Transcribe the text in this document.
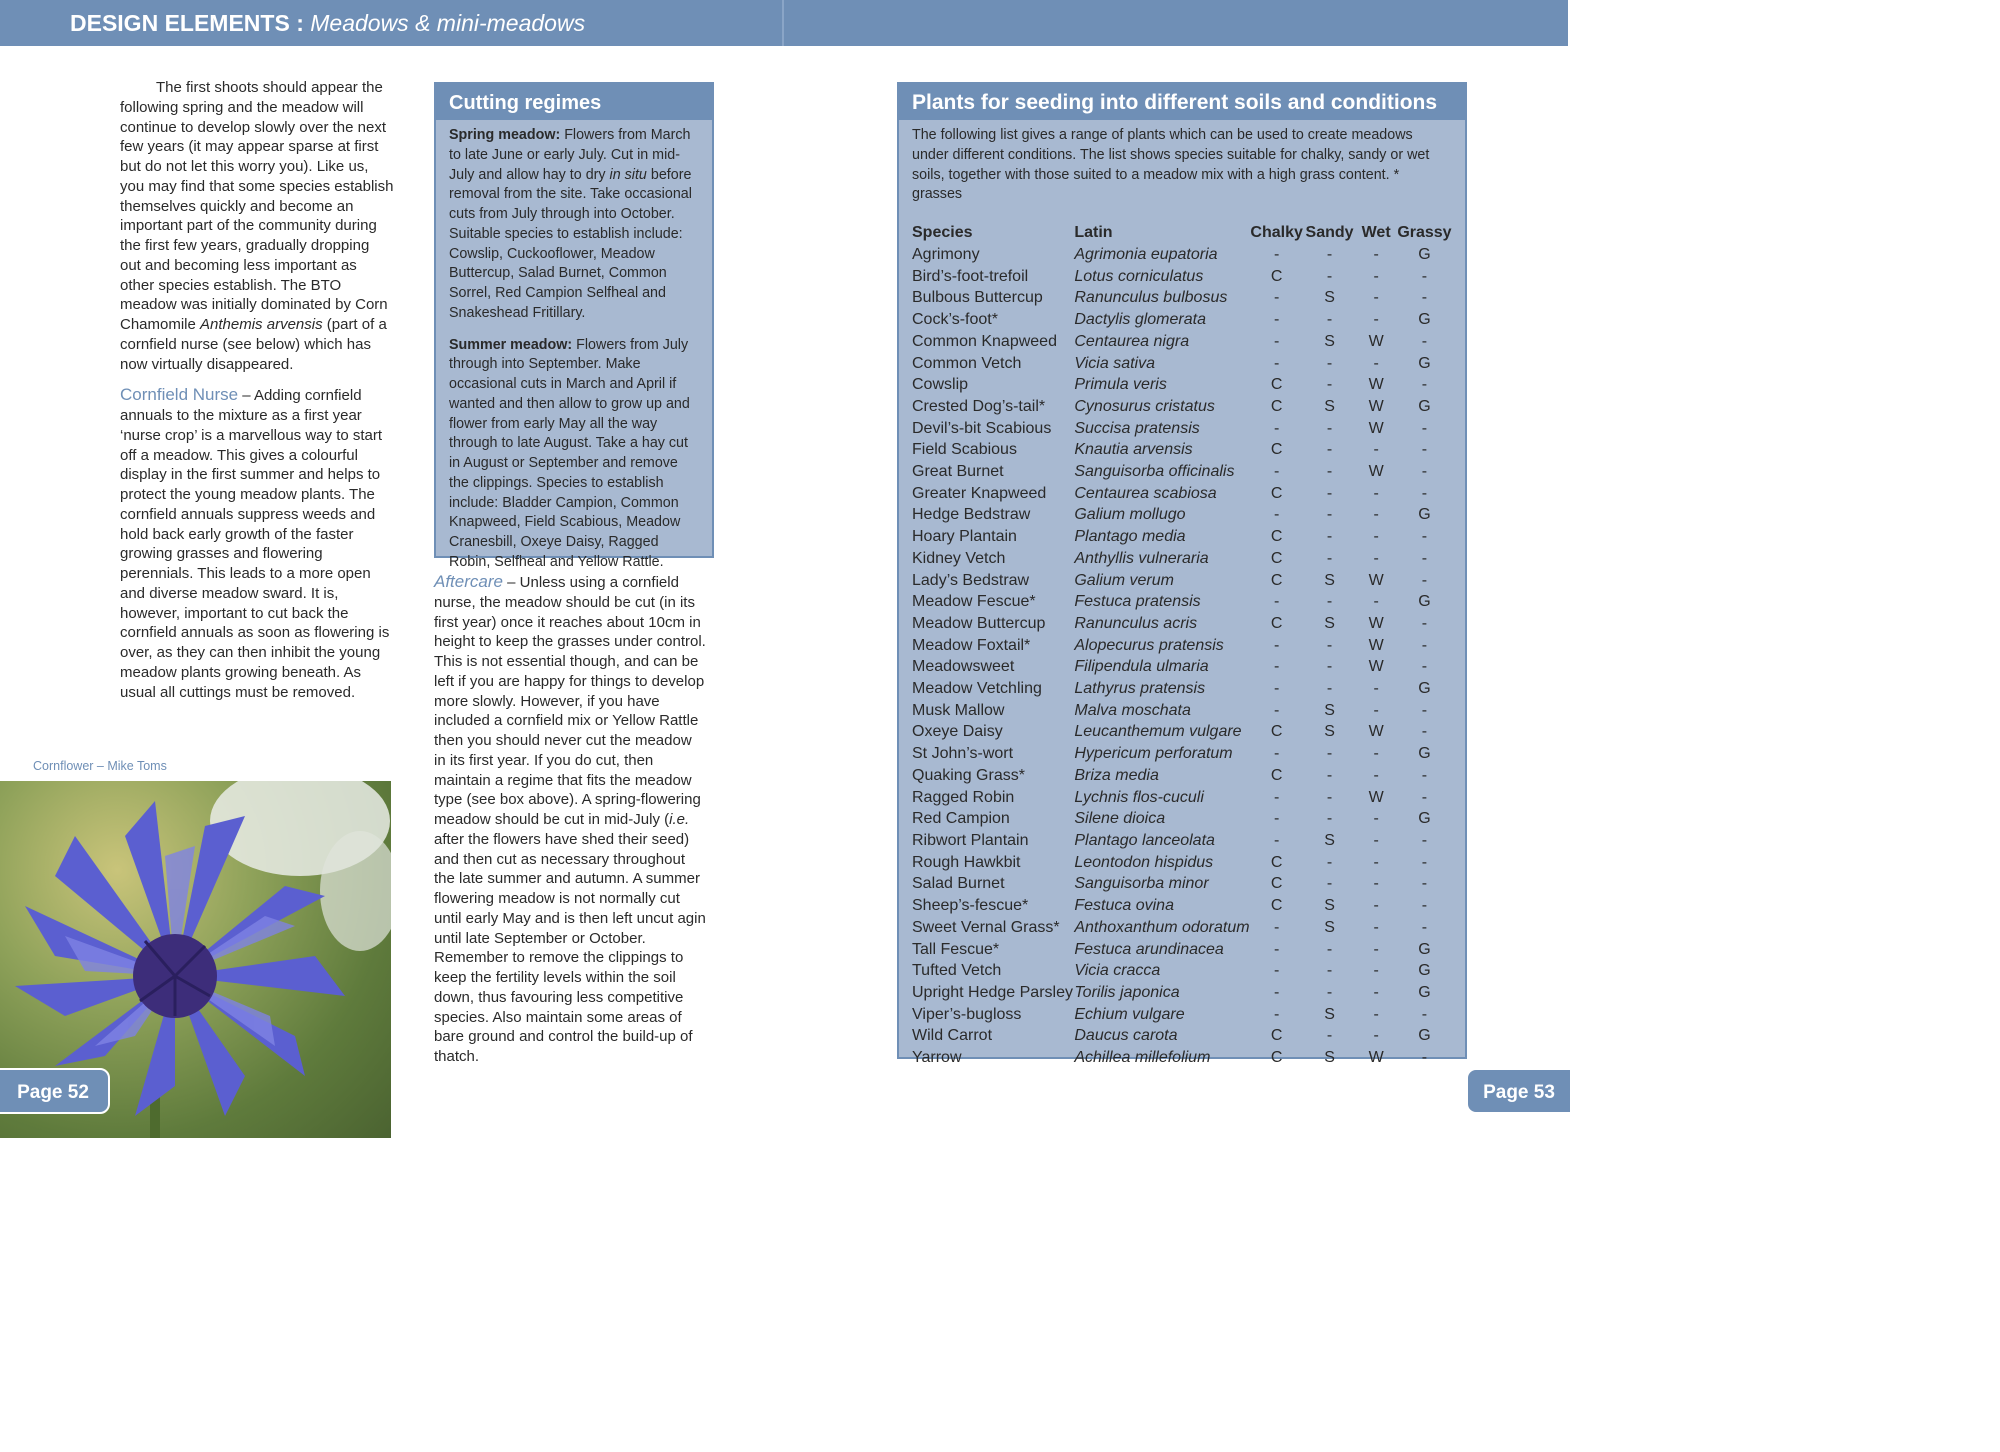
DESIGN ELEMENTS : Meadows & mini-meadows

The first shoots should appear the following spring and the meadow will continue to develop slowly over the next few years (it may appear sparse at first but do not let this worry you). Like us, you may find that some species establish themselves quickly and become an important part of the community during the first few years, gradually dropping out and becoming less important as other species establish. The BTO meadow was initially dominated by Corn Chamomile Anthemis arvensis (part of a cornfield nurse (see below) which has now virtually disappeared.

Cornfield Nurse – Adding cornfield annuals to the mixture as a first year ‘nurse crop’ is a marvellous way to start off a meadow. This gives a colourful display in the first summer and helps to protect the young meadow plants. The cornfield annuals suppress weeds and hold back early growth of the faster growing grasses and flowering perennials. This leads to a more open and diverse meadow sward. It is, however, important to cut back the cornfield annuals as soon as flowering is over, as they can then inhibit the young meadow plants growing beneath. As usual all cuttings must be removed.

Cornflower – Mike Toms
Page 52	Page 53
Cutting regimes

Spring meadow: Flowers from March to late June or early July. Cut in mid-July and allow hay to dry in situ before removal from the site. Take occasional cuts from July through into October. Suitable species to establish include: Cowslip, Cuckooflower, Meadow Buttercup, Salad Burnet, Common Sorrel, Red Campion Selfheal and Snakeshead Fritillary.

Summer meadow: Flowers from July through into September. Make occasional cuts in March and April if wanted and then allow to grow up and flower from early May all the way through to late August. Take a hay cut in August or September and remove the clippings. Species to establish include: Bladder Campion, Common Knapweed, Field Scabious, Meadow Cranesbill, Oxeye Daisy, Ragged Robin, Selfheal and Yellow Rattle.

Aftercare – Unless using a cornfield nurse, the meadow should be cut (in its first year) once it reaches about 10cm in height to keep the grasses under control. This is not essential though, and can be left if you are happy for things to develop more slowly. However, if you have included a cornfield mix or Yellow Rattle then you should never cut the meadow in its first year. If you do cut, then maintain a regime that fits the meadow type (see box above). A spring-flowering meadow should be cut in mid-July (i.e. after the flowers have shed their seed) and then cut as necessary throughout the late summer and autumn. A summer flowering meadow is not normally cut until early May and is then left uncut agin until late September or October. Remember to remove the clippings to keep the fertility levels within the soil down, thus favouring less competitive species. Also maintain some areas of bare ground and control the build-up of thatch.

Plants for seeding into different soils and conditions

The following list gives a range of plants which can be used to create meadows under different conditions. The list shows species suitable for chalky, sandy or wet soils, together with those suited to a meadow mix with a high grass content. * grasses

Species	Latin	Chalky	Sandy	Wet	Grassy
Agrimony	Agrimonia eupatoria	-	-	-	G
Bird’s-foot-trefoil	Lotus corniculatus	C	-	-	-
Bulbous Buttercup	Ranunculus bulbosus	-	S	-	-
Cock’s-foot*	Dactylis glomerata	-	-	-	G
Common Knapweed	Centaurea nigra	-	S	W	-
Common Vetch	Vicia sativa	-	-	-	G
Cowslip	Primula veris	C	-	W	-
Crested Dog’s-tail*	Cynosurus cristatus	C	S	W	G
Devil’s-bit Scabious	Succisa pratensis	-	-	W	-
Field Scabious	Knautia arvensis	C	-	-	-
Great Burnet	Sanguisorba officinalis	-	-	W	-
Greater Knapweed	Centaurea scabiosa	C	-	-	-
Hedge Bedstraw	Galium mollugo	-	-	-	G
Hoary Plantain	Plantago media	C	-	-	-
Kidney Vetch	Anthyllis vulneraria	C	-	-	-
Lady’s Bedstraw	Galium verum	C	S	W	-
Meadow Fescue*	Festuca pratensis	-	-	-	G
Meadow Buttercup	Ranunculus acris	C	S	W	-
Meadow Foxtail*	Alopecurus pratensis	-	-	W	-
Meadowsweet	Filipendula ulmaria	-	-	W	-
Meadow Vetchling	Lathyrus pratensis	-	-	-	G
Musk Mallow	Malva moschata	-	S	-	-
Oxeye Daisy	Leucanthemum vulgare	C	S	W	-
St John’s-wort	Hypericum perforatum	-	-	-	G
Quaking Grass*	Briza media	C	-	-	-
Ragged Robin	Lychnis flos-cuculi	-	-	W	-
Red Campion	Silene dioica	-	-	-	G
Ribwort Plantain	Plantago lanceolata	-	S	-	-
Rough Hawkbit	Leontodon hispidus	C	-	-	-
Salad Burnet	Sanguisorba minor	C	-	-	-
Sheep’s-fescue*	Festuca ovina	C	S	-	-
Sweet Vernal Grass*	Anthoxanthum odoratum	-	S	-	-
Tall Fescue*	Festuca arundinacea	-	-	-	G
Tufted Vetch	Vicia cracca	-	-	-	G
Upright Hedge Parsley	Torilis japonica	-	-	-	G
Viper’s-bugloss	Echium vulgare	-	S	-	-
Wild Carrot	Daucus carota	C	-	-	G
Yarrow	Achillea millefolium	C	S	W	-
